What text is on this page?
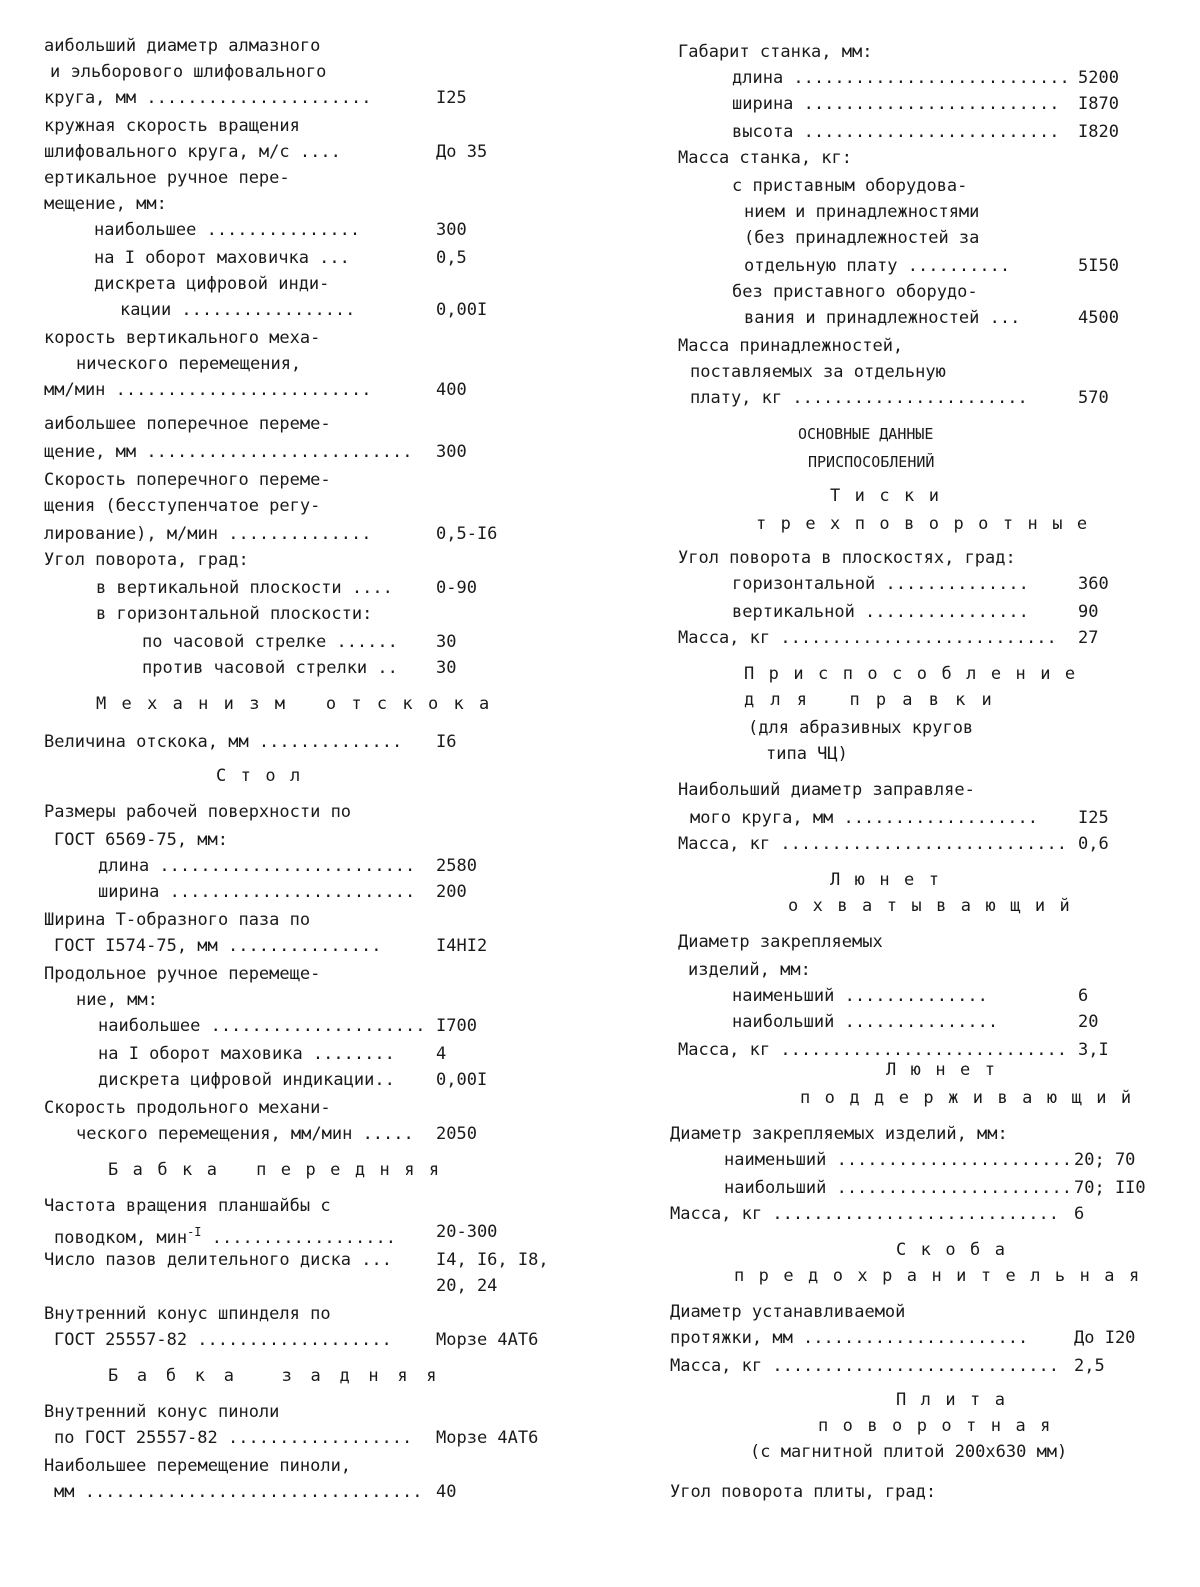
аибольший диаметр алмазного
и эльборового шлифовального
круга, мм ......................	I25
кружная скорость вращения
шлифовального круга, м/с ....	До 35
ертикальное ручное пере-
мещение, мм:
наибольшее ...............	300
на I оборот маховичка ...	0,5
дискрета цифровой инди-
кации .................	0,00I
корость вертикального меха-
нического перемещения,
мм/мин .........................	400
аибольшее поперечное переме-
щение, мм .......................... 300
Скорость поперечного переме-
щения (бесступенчатое регу-
лирование), м/мин ..............	0,5-I6
Угол поворота, град:
в вертикальной плоскости ....	0-90
в горизонтальной плоскости:
по часовой стрелке ......	30
против часовой стрелки ..	30
Механизм отскока
Величина отскока, мм ..............	I6
Стол
Размеры рабочей поверхности по
ГОСТ 6569-75, мм:
длина ......................... 2580
ширина ........................ 200
Ширина Т-образного паза по
ГОСТ I574-75, мм ...............	I4HI2
Продольное ручное перемеще-
ние, мм:
наибольшее ..................... I700
на I оборот маховика ........	4
дискрета цифровой индикации..	0,00I
Скорость продольного механи-
ческого перемещения, мм/мин ..... 2050
Бабка передняя
Частота вращения планшайбы с
поводком, мин$^{-I}$ ..................	20-300
Число пазов делительного диска ...	I4, I6, I8,
20, 24
Внутренний конус шпинделя по
ГОСТ 25557-82 ...................	Морзе 4АТ6
Бабка задняя
Внутренний конус пиноли
по ГОСТ 25557-82 .................. Морзе 4АТ6
Наибольшее перемещение пиноли,
мм ................................. 40
Габарит станка, мм:
длина ........................... 5200
ширина ......................... I870
высота ......................... I820
Масса станка, кг:
с приставным оборудова-
нием и принадлежностями
(без принадлежностей за
отдельную плату ..........	5I50
без приставного оборудо-
вания и принадлежностей ...	4500
Масса принадлежностей,
поставляемых за отдельную
плату, кг .......................	570
ОСНОВНЫЕ ДАННЫЕ
ПРИСПОСОБЛЕНИЙ
Тиски
трехповоротные
Угол поворота в плоскостях, град:
горизонтальной ..............	360
вертикальной ................	90
Масса, кг ........................... 27
Приспособление
для правки
(для абразивных кругов
типа ЧЦ)
Наибольший диаметр заправляе-
мого круга, мм ................... I25
Масса, кг ............................ 0,6
Люнет
охватывающий
Диаметр закрепляемых
изделий, мм:
наименьший ..............	6
наибольший ...............	20
Масса, кг ............................ 3,I
Люнет
поддерживающий
Диаметр закрепляемых изделий, мм:
наименьший ....................... 20; 70
наибольший ....................... 70; II0
Масса, кг ............................ 6
Скоба
предохранительная
Диаметр устанавливаемой
протяжки, мм ......................	До I20
Масса, кг ............................ 2,5
Плита
поворотная
(с магнитной плитой 200х630 мм)
Угол поворота плиты, град:
